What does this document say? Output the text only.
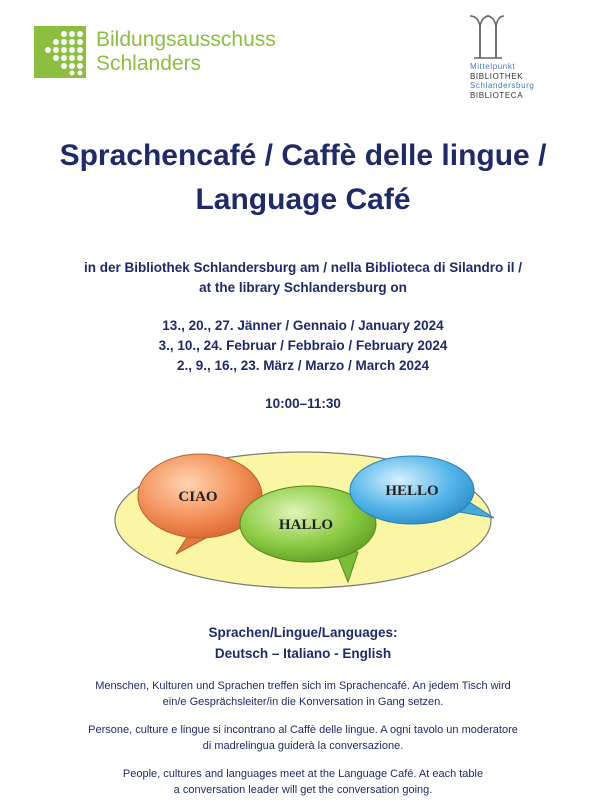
Bildungsausschuss
Schlanders	Mittelpunkt
BIBLIOTHEK
Schlandersburg
BIBLIOTECA
Sprachencafé / Caffè delle lingue /
Language Café
in der Bibliothek Schlandersburg am / nella Biblioteca di Silandro il /
at the library Schlandersburg on
13., 20., 27. Jänner / Gennaio / January 2024
3., 10., 24. Februar / Febbraio / February 2024
2., 9., 16., 23. März / Marzo / March 2024
10:00–11:30
CIAO
HALLO
HELLO
Sprachen/Lingue/Languages:
Deutsch – Italiano - English
Menschen, Kulturen und Sprachen treffen sich im Sprachencafé. An jedem Tisch wird
ein/e Gesprächsleiter/in die Konversation in Gang setzen.
Persone, culture e lingue si incontrano al Caffè delle lingue. A ogni tavolo un moderatore
di madrelingua guiderà la conversazione.
People, cultures and languages meet at the Language Café. At each table
a conversation leader will get the conversation going.
